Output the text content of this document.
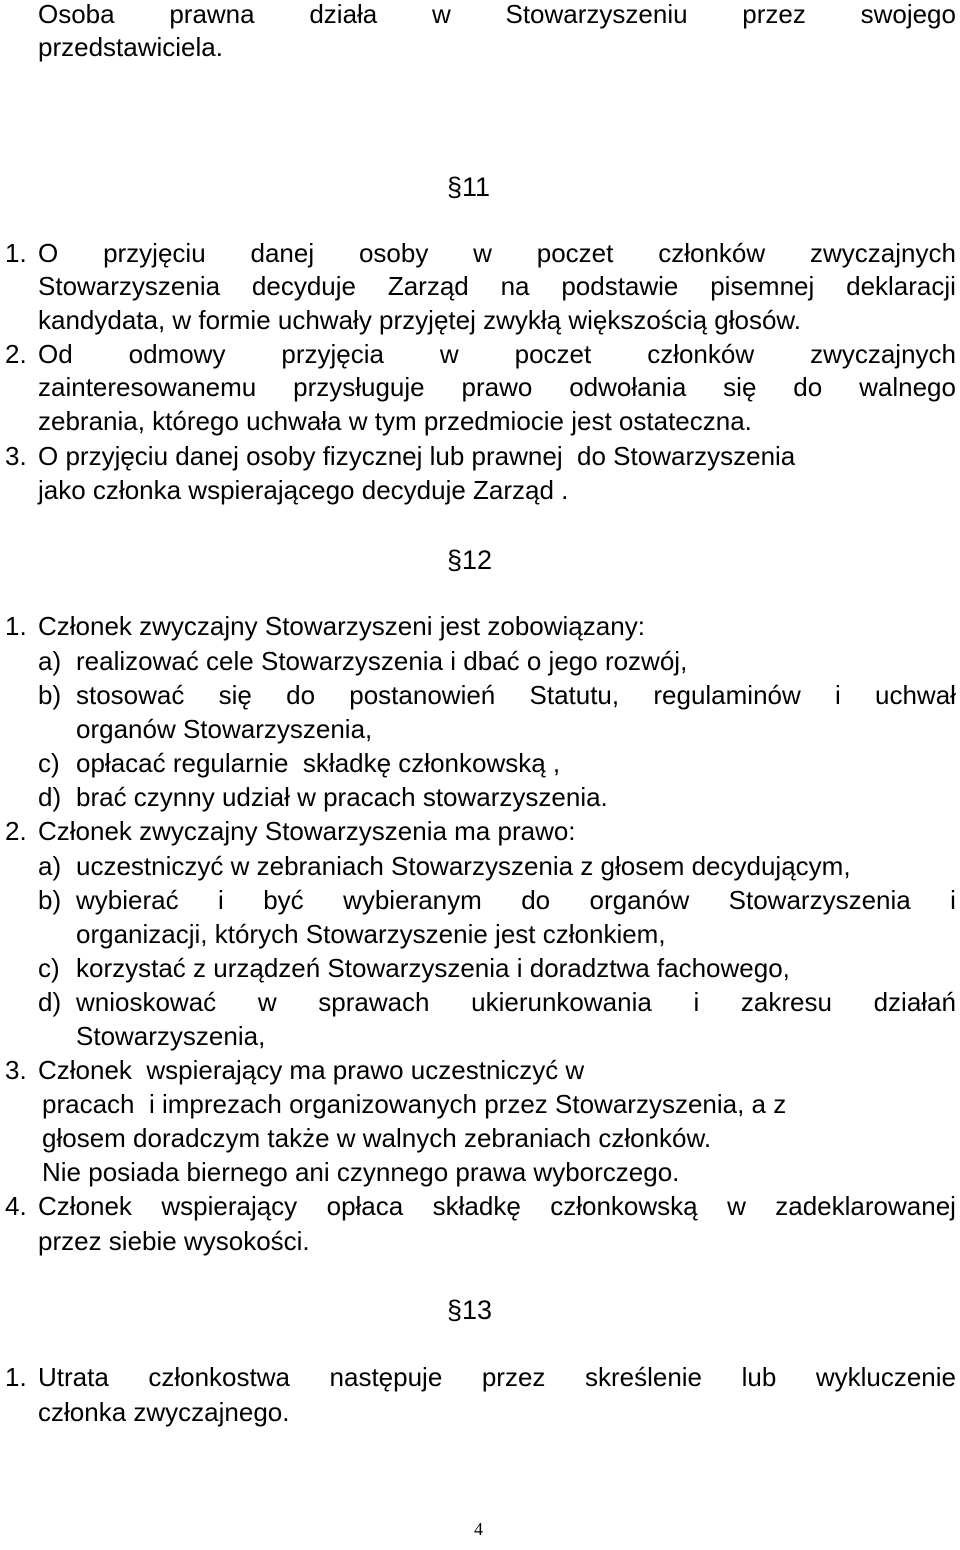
Osoba prawna działa w Stowarzyszeniu przez swojego
przedstawiciela.
§11
1. O przyjęciu danej osoby w poczet członków zwyczajnych
Stowarzyszenia decyduje Zarząd na podstawie pisemnej deklaracji
kandydata, w formie uchwały przyjętej zwykłą większością głosów.
2. Od odmowy przyjęcia w poczet członków zwyczajnych
zainteresowanemu przysługuje prawo odwołania się do walnego
zebrania, którego uchwała w tym przedmiocie jest ostateczna.
3. O przyjęciu danej osoby fizycznej lub prawnej  do Stowarzyszenia
jako członka wspierającego decyduje Zarząd .
§12
1. Członek zwyczajny Stowarzyszeni jest zobowiązany:
a) realizować cele Stowarzyszenia i dbać o jego rozwój,
b) stosować się do postanowień Statutu, regulaminów i uchwał
organów Stowarzyszenia,
c) opłacać regularnie  składkę członkowską ,
d) brać czynny udział w pracach stowarzyszenia.
2. Członek zwyczajny Stowarzyszenia ma prawo:
a) uczestniczyć w zebraniach Stowarzyszenia z głosem decydującym,
b) wybierać i być wybieranym do organów Stowarzyszenia i
organizacji, których Stowarzyszenie jest członkiem,
c) korzystać z urządzeń Stowarzyszenia i doradztwa fachowego,
d) wnioskować w sprawach ukierunkowania i zakresu działań
Stowarzyszenia,
3. Członek  wspierający ma prawo uczestniczyć w
pracach  i imprezach organizowanych przez Stowarzyszenia, a z
głosem doradczym także w walnych zebraniach członków.
Nie posiada biernego ani czynnego prawa wyborczego.
4. Członek wspierający opłaca składkę członkowską w zadeklarowanej
przez siebie wysokości.
§13
1. Utrata członkostwa następuje przez skreślenie lub wykluczenie
członka zwyczajnego.
4
